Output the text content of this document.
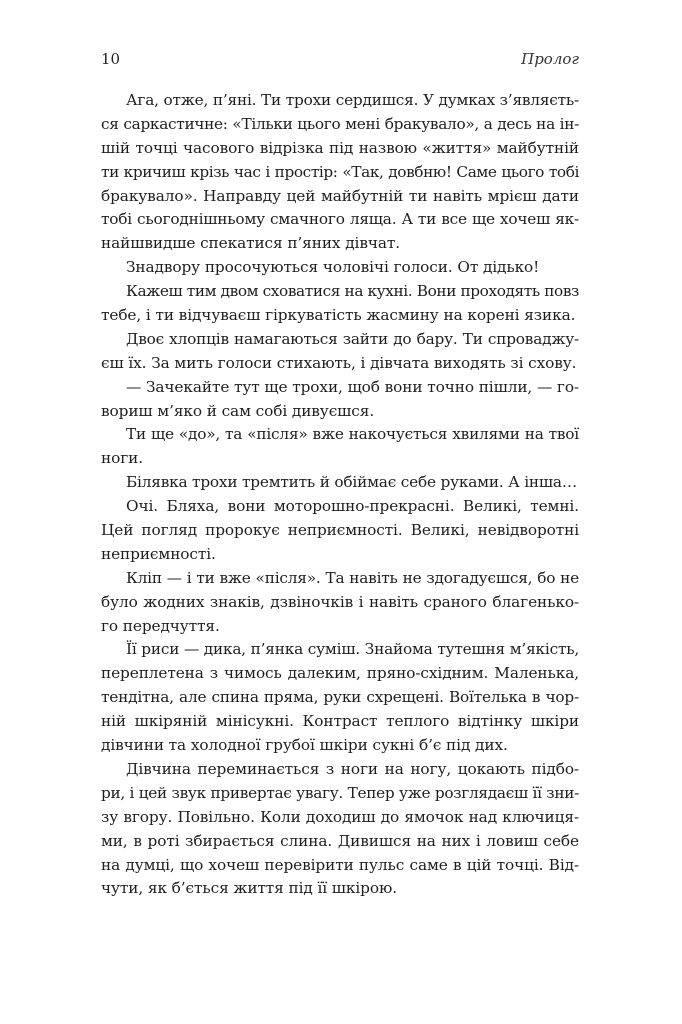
10	Пролог
Ага, отже, п’яні. Ти трохи сердишся. У думках з’являєть-
ся саркастичне: «Тільки цього мені бракувало», а десь на ін-
шій точці часового відрізка під назвою «життя» майбутній
ти кричиш крізь час і простір: «Так, довбню! Саме цього тобі
бракувало». Направду цей майбутній ти навіть мрієш дати
тобі сьогоднішньому смачного ляща. А ти все ще хочеш як-
найшвидше спекатися п’яних дівчат.
Знадвору просочуються чоловічі голоси. От дідько!
Кажеш тим двом сховатися на кухні. Вони проходять повз
тебе, і ти відчуваєш гіркуватість жасмину на корені язика.
Двоє хлопців намагаються зайти до бару. Ти спроваджу-
єш їх. За мить голоси стихають, і дівчата виходять зі схову.
— Зачекайте тут ще трохи, щоб вони точно пішли, — го-
вориш м’яко й сам собі дивуєшся.
Ти ще «до», та «після» вже накочується хвилями на твої
ноги.
Білявка трохи тремтить й обіймає себе руками. А інша…
Очі. Бляха, вони моторошно-прекрасні. Великі, темні.
Цей погляд пророкує неприємності. Великі, невідворотні
неприємності.
Кліп — і ти вже «після». Та навіть не здогадуєшся, бо не
було жодних знаків, дзвіночків і навіть сраного благенько-
го передчуття.
Її риси — дика, п’янка суміш. Знайома тутешня м’якість,
переплетена з чимось далеким, пряно-східним. Маленька,
тендітна, але спина пряма, руки схрещені. Воїтелька в чор-
ній шкіряній мінісукні. Контраст теплого відтінку шкіри
дівчини та холодної грубої шкіри сукні б’є під дих.
Дівчина переминається з ноги на ногу, цокають підбо-
ри, і цей звук привертає увагу. Тепер уже розглядаєш її зни-
зу вгору. Повільно. Коли доходиш до ямочок над ключиця-
ми, в роті збирається слина. Дивишся на них і ловиш себе
на думці, що хочеш перевірити пульс саме в цій точці. Від-
чути, як б’ється життя під її шкірою.
